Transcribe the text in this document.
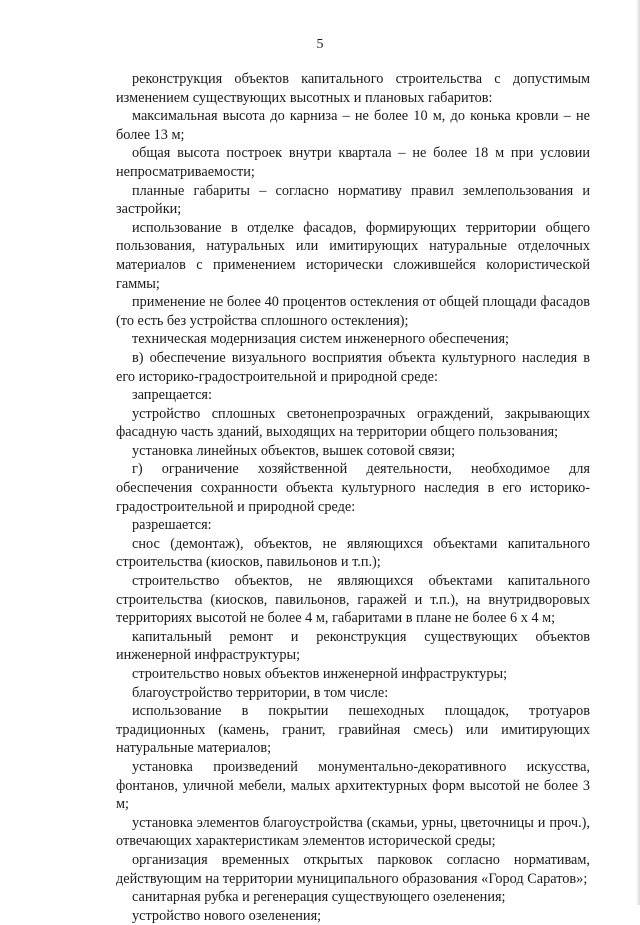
5

реконструкция объектов капитального строительства с допустимым изменением существующих высотных и плановых габаритов:

максимальная высота до карниза – не более 10 м, до конька кровли – не более 13 м;

общая высота построек внутри квартала – не более 18 м при условии непросматриваемости;

планные габариты – согласно нормативу правил землепользования и застройки;

использование в отделке фасадов, формирующих территории общего пользования, натуральных или имитирующих натуральные отделочных материалов с применением исторически сложившейся колористической гаммы;

применение не более 40 процентов остекления от общей площади фасадов (то есть без устройства сплошного остекления);

техническая модернизация систем инженерного обеспечения;

в) обеспечение визуального восприятия объекта культурного наследия в его историко-градостроительной и природной среде:

запрещается:

устройство сплошных светонепрозрачных ограждений, закрывающих фасадную часть зданий, выходящих на территории общего пользования;

установка линейных объектов, вышек сотовой связи;

г) ограничение хозяйственной деятельности, необходимое для обеспечения сохранности объекта культурного наследия в его историко-градостроительной и природной среде:

разрешается:

снос (демонтаж), объектов, не являющихся объектами капитального строительства (киосков, павильонов и т.п.);

строительство объектов, не являющихся объектами капитального строительства (киосков, павильонов, гаражей и т.п.), на внутридворовых территориях высотой не более 4 м, габаритами в плане не более 6 х 4 м;

капитальный ремонт и реконструкция существующих объектов инженерной инфраструктуры;

строительство новых объектов инженерной инфраструктуры;

благоустройство территории, в том числе:

использование в покрытии пешеходных площадок, тротуаров традиционных (камень, гранит, гравийная смесь) или имитирующих натуральные материалов;

установка произведений монументально-декоративного искусства, фонтанов, уличной мебели, малых архитектурных форм высотой не более 3 м;

установка элементов благоустройства (скамьи, урны, цветочницы и проч.), отвечающих характеристикам элементов исторической среды;

организация временных открытых парковок согласно нормативам, действующим на территории муниципального образования «Город Саратов»;

санитарная рубка и регенерация существующего озеленения;

устройство нового озеленения;
